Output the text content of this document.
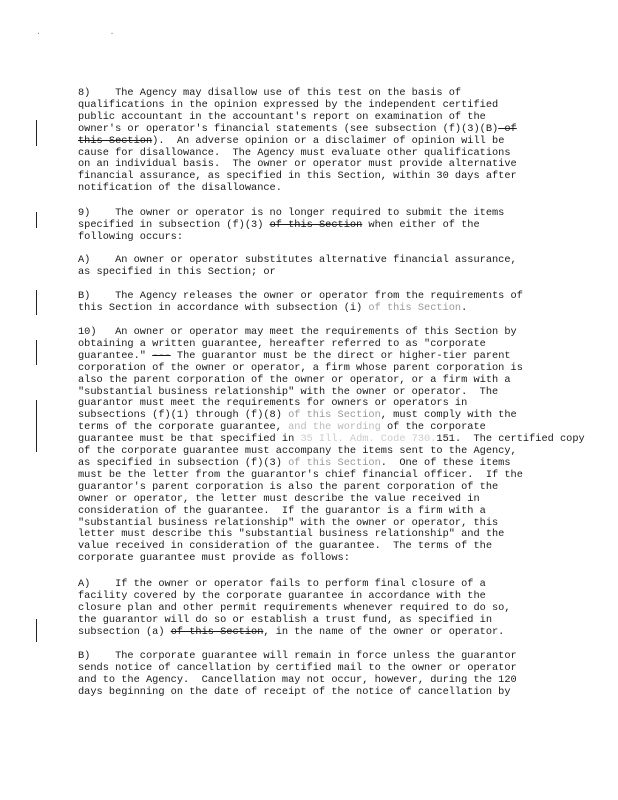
. .

8)    The Agency may disallow use of this test on the basis of
qualifications in the opinion expressed by the independent certified
public accountant in the accountant's report on examination of the
owner's or operator's financial statements (see subsection (f)(3)(B) of
this Section).  An adverse opinion or a disclaimer of opinion will be
cause for disallowance.  The Agency must evaluate other qualifications
on an individual basis.  The owner or operator must provide alternative
financial assurance, as specified in this Section, within 30 days after
notification of the disallowance.

9)    The owner or operator is no longer required to submit the items
specified in subsection (f)(3) of this Section when either of the
following occurs:

A)    An owner or operator substitutes alternative financial assurance,
as specified in this Section; or

B)    The Agency releases the owner or operator from the requirements of
this Section in accordance with subsection (i) of this Section.

10)   An owner or operator may meet the requirements of this Section by
obtaining a written guarantee, hereafter referred to as "corporate
guarantee." --- The guarantor must be the direct or higher-tier parent
corporation of the owner or operator, a firm whose parent corporation is
also the parent corporation of the owner or operator, or a firm with a
"substantial business relationship" with the owner or operator.  The
guarantor must meet the requirements for owners or operators in
subsections (f)(1) through (f)(8) of this Section, must comply with the
terms of the corporate guarantee, and the wording of the corporate
guarantee must be that specified in 35 Ill. Adm. Code 730.151.  The certified copy
of the corporate guarantee must accompany the items sent to the Agency,
as specified in subsection (f)(3) of this Section.  One of these items
must be the letter from the guarantor's chief financial officer.  If the
guarantor's parent corporation is also the parent corporation of the
owner or operator, the letter must describe the value received in
consideration of the guarantee.  If the guarantor is a firm with a
"substantial business relationship" with the owner or operator, this
letter must describe this "substantial business relationship" and the
value received in consideration of the guarantee.  The terms of the
corporate guarantee must provide as follows:

A)    If the owner or operator fails to perform final closure of a
facility covered by the corporate guarantee in accordance with the
closure plan and other permit requirements whenever required to do so,
the guarantor will do so or establish a trust fund, as specified in
subsection (a) of this Section, in the name of the owner or operator.

B)    The corporate guarantee will remain in force unless the guarantor
sends notice of cancellation by certified mail to the owner or operator
and to the Agency.  Cancellation may not occur, however, during the 120
days beginning on the date of receipt of the notice of cancellation by
